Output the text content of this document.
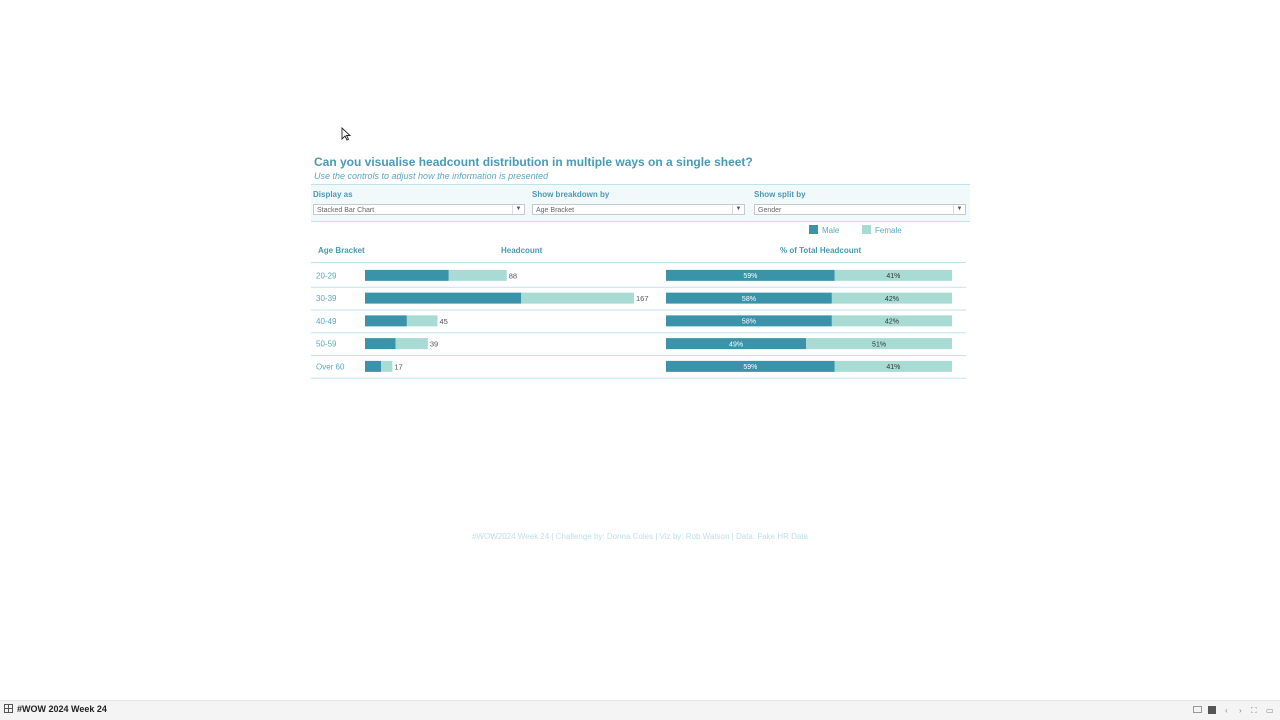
Can you visualise headcount distribution in multiple ways on a single sheet?
Use the controls to adjust how the information is presented
Display as
Stacked Bar Chart	▼
Show breakdown by
Age Bracket	▼
Show split by
Gender	▼
Male	Female
Age Bracket	Headcount	% of Total Headcount
20-29	88	59%	41%
30-39	167	58%	42%
40-49	45	58%	42%
50-59	39	49%	51%
Over 60	17	59%	41%
#WOW2024 Week 24 | Challenge by: Donna Coles | Viz by: Rob Watson | Data: Fake HR Data
#WOW 2024 Week 24	‹ › ⛶ ▭
